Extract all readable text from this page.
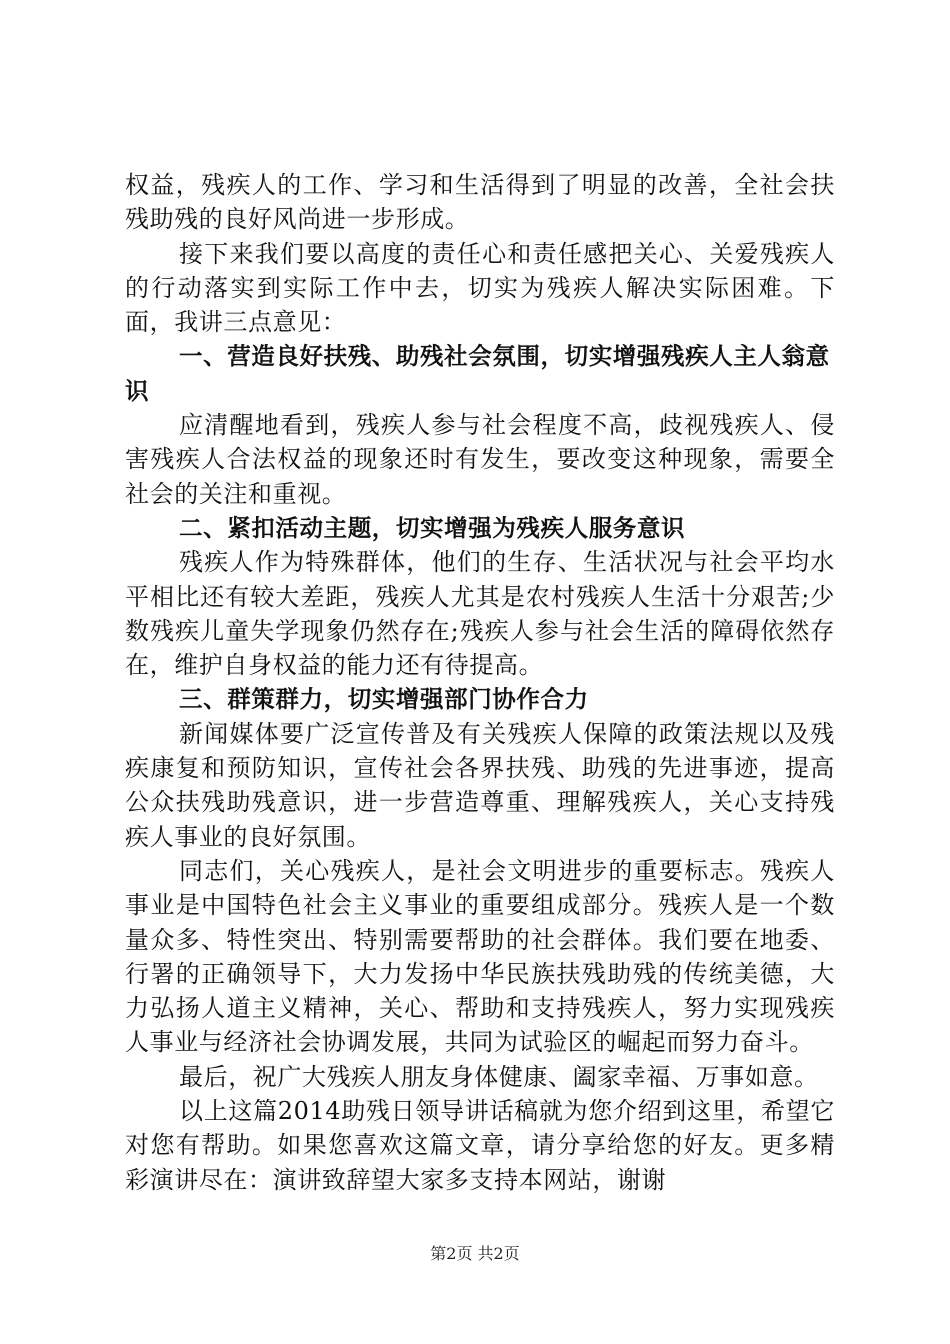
权益，残疾人的工作、学习和生活得到了明显的改善，全社会扶残助残的良好风尚进一步形成。

接下来我们要以高度的责任心和责任感把关心、关爱残疾人的行动落实到实际工作中去，切实为残疾人解决实际困难。下面，我讲三点意见：

一、营造良好扶残、助残社会氛围，切实增强残疾人主人翁意识

应清醒地看到，残疾人参与社会程度不高，歧视残疾人、侵害残疾人合法权益的现象还时有发生，要改变这种现象，需要全社会的关注和重视。

二、紧扣活动主题，切实增强为残疾人服务意识

残疾人作为特殊群体，他们的生存、生活状况与社会平均水平相比还有较大差距，残疾人尤其是农村残疾人生活十分艰苦;少数残疾儿童失学现象仍然存在;残疾人参与社会生活的障碍依然存在，维护自身权益的能力还有待提高。

三、群策群力，切实增强部门协作合力

新闻媒体要广泛宣传普及有关残疾人保障的政策法规以及残疾康复和预防知识，宣传社会各界扶残、助残的先进事迹，提高公众扶残助残意识，进一步营造尊重、理解残疾人，关心支持残疾人事业的良好氛围。

同志们，关心残疾人，是社会文明进步的重要标志。残疾人事业是中国特色社会主义事业的重要组成部分。残疾人是一个数量众多、特性突出、特别需要帮助的社会群体。我们要在地委、行署的正确领导下，大力发扬中华民族扶残助残的传统美德，大力弘扬人道主义精神，关心、帮助和支持残疾人，努力实现残疾人事业与经济社会协调发展，共同为试验区的崛起而努力奋斗。

最后，祝广大残疾人朋友身体健康、阖家幸福、万事如意。

以上这篇2014助残日领导讲话稿就为您介绍到这里，希望它对您有帮助。如果您喜欢这篇文章，请分享给您的好友。更多精彩演讲尽在：演讲致辞望大家多支持本网站，谢谢

第2页 共2页
